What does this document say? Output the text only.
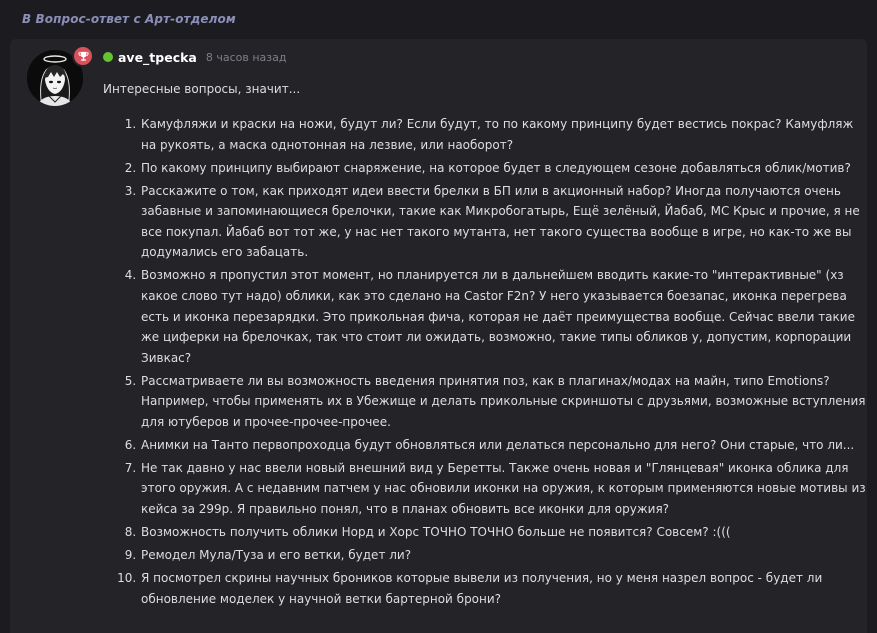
В Вопрос-ответ с Арт-отделом
ave_tpecka 8 часов назад
Интересные вопросы, значит...
1. Камуфляжи и краски на ножи, будут ли? Если будут, то по какому принципу будет вестись покрас? Камуфляж на рукоять, а маска однотонная на лезвие, или наоборот?
2. По какому принципу выбирают снаряжение, на которое будет в следующем сезоне добавляться облик/мотив?
3. Расскажите о том, как приходят идеи ввести брелки в БП или в акционный набор? Иногда получаются очень забавные и запоминающиеся брелочки, такие как Микробогатырь, Ещё зелёный, Йабаб, МС Крыс и прочие, я не все покупал. Йабаб вот тот же, у нас нет такого мутанта, нет такого существа вообще в игре, но как-то же вы додумались его забацать.
4. Возможно я пропустил этот момент, но планируется ли в дальнейшем вводить какие-то "интерактивные" (хз какое слово тут надо) облики, как это сделано на Castor F2n? У него указывается боезапас, иконка перегрева есть и иконка перезарядки. Это прикольная фича, которая не даёт преимущества вообще. Сейчас ввели такие же циферки на брелочках, так что стоит ли ожидать, возможно, такие типы обликов у, допустим, корпорации Зивкас?
5. Рассматриваете ли вы возможность введения принятия поз, как в плагинах/модах на майн, типо Emotions? Например, чтобы применять их в Убежище и делать прикольные скриншоты с друзьями, возможные вступления для ютуберов и прочее-прочее-прочее.
6. Анимки на Танто первопроходца будут обновляться или делаться персонально для него? Они старые, что ли...
7. Не так давно у нас ввели новый внешний вид у Беретты. Также очень новая и "Глянцевая" иконка облика для этого оружия. А с недавним патчем у нас обновили иконки на оружия, к которым применяются новые мотивы из кейса за 299р. Я правильно понял, что в планах обновить все иконки для оружия?
8. Возможность получить облики Норд и Хорс ТОЧНО ТОЧНО больше не появится? Совсем? :(((
9. Ремодел Мула/Туза и его ветки, будет ли?
10. Я посмотрел скрины научных брoников которые вывели из получения, но у меня назрел вопрос - будет ли обновление моделек у научной ветки бартерной брони?
